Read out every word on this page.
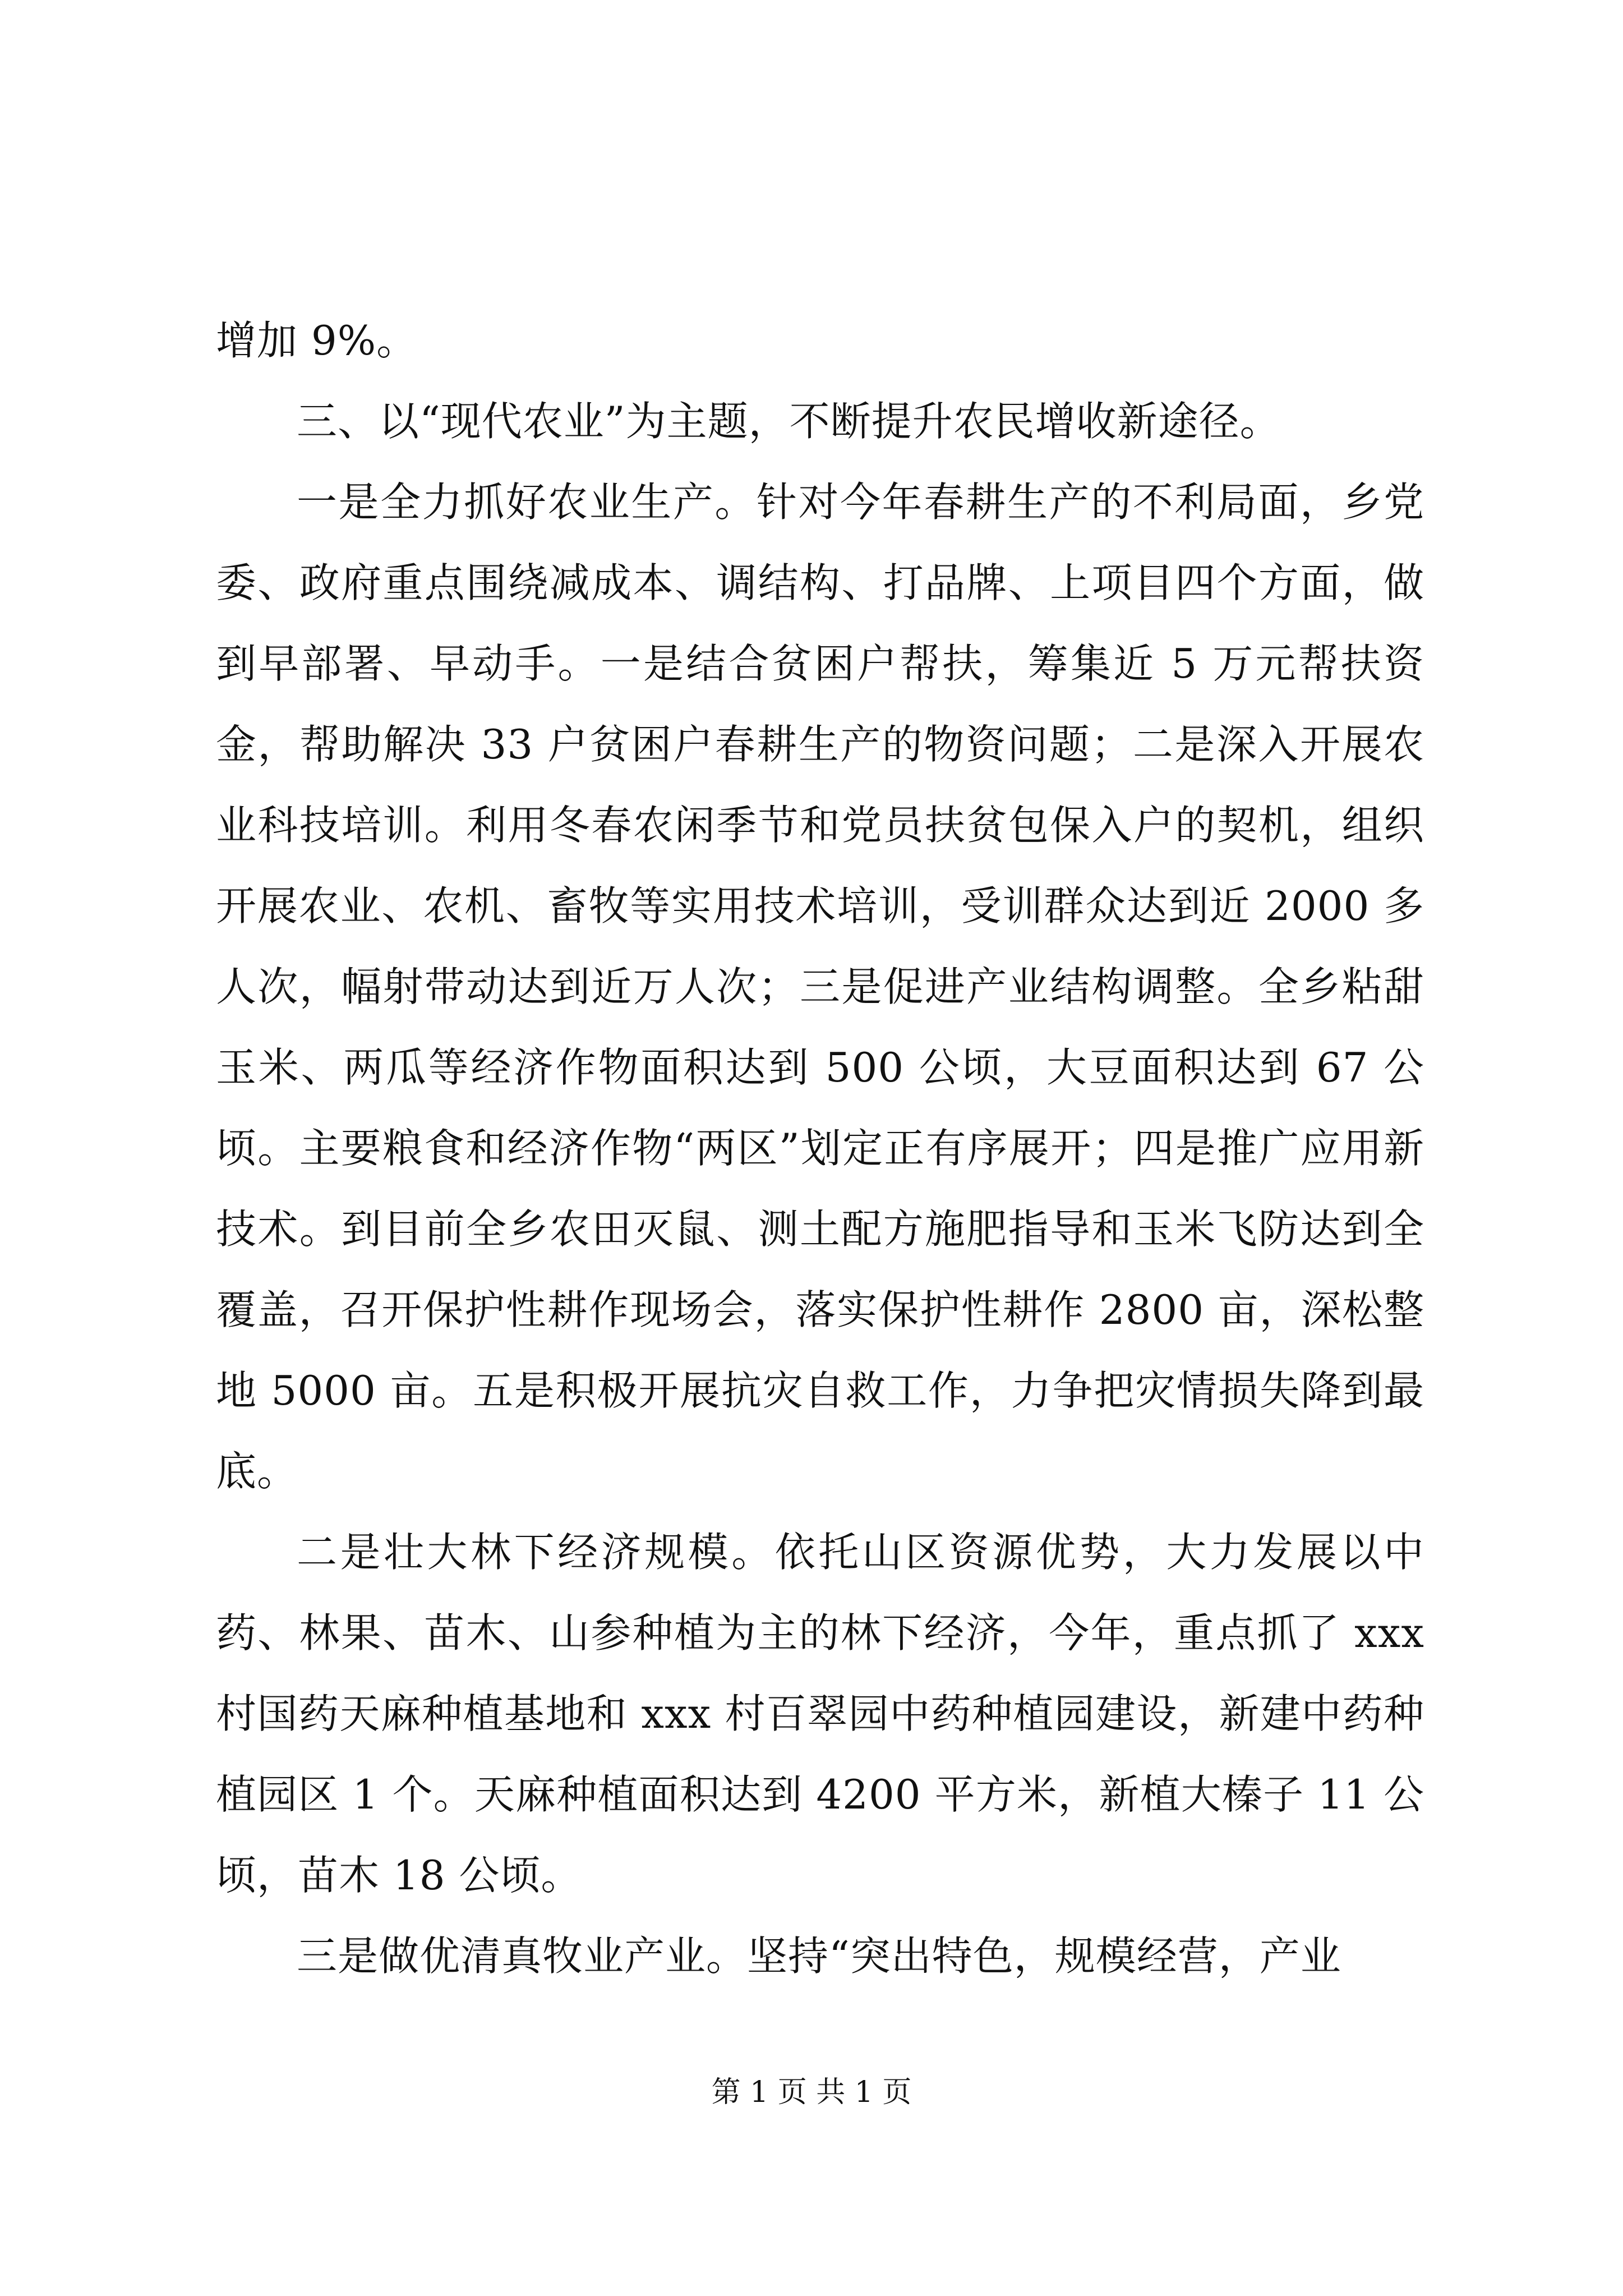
增加 9%。

三、以“现代农业”为主题，不断提升农民增收新途径。

一是全力抓好农业生产。针对今年春耕生产的不利局面，乡党委、政府重点围绕减成本、调结构、打品牌、上项目四个方面，做到早部署、早动手。一是结合贫困户帮扶，筹集近 5 万元帮扶资金，帮助解决 33 户贫困户春耕生产的物资问题；二是深入开展农业科技培训。利用冬春农闲季节和党员扶贫包保入户的契机，组织开展农业、农机、畜牧等实用技术培训，受训群众达到近 2000 多人次，幅射带动达到近万人次；三是促进产业结构调整。全乡粘甜玉米、两瓜等经济作物面积达到 500 公顷，大豆面积达到 67 公顷。主要粮食和经济作物“两区”划定正有序展开；四是推广应用新技术。到目前全乡农田灭鼠、测土配方施肥指导和玉米飞防达到全覆盖，召开保护性耕作现场会，落实保护性耕作 2800 亩，深松整地 5000 亩。五是积极开展抗灾自救工作，力争把灾情损失降到最底。

二是壮大林下经济规模。依托山区资源优势，大力发展以中药、林果、苗木、山参种植为主的林下经济，今年，重点抓了 xxx 村国药天麻种植基地和 xxx 村百翠园中药种植园建设，新建中药种植园区 1 个。天麻种植面积达到 4200 平方米，新植大榛子 11 公顷，苗木 18 公顷。

三是做优清真牧业产业。坚持“突出特色，规模经营，产业

第 1 页 共 1 页
